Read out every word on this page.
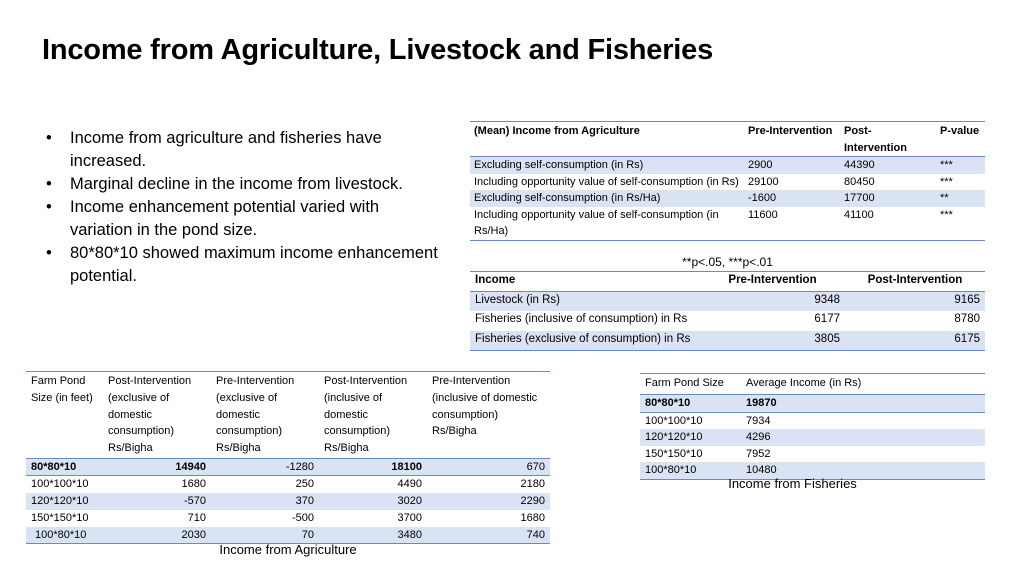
Income from Agriculture, Livestock and Fisheries
• Income from agriculture and fisheries have increased.
• Marginal decline in the income from livestock.
• Income enhancement potential varied with variation in the pond size.
• 80*80*10 showed maximum income enhancement potential.
(Mean) Income from Agriculture	Pre-Intervention	Post-Intervention	P-value
Excluding self-consumption (in Rs)	2900	44390	***
Including opportunity value of self-consumption (in Rs)	29100	80450	***
Excluding self-consumption (in Rs/Ha)	-1600	17700	**
Including opportunity value of self-consumption (in Rs/Ha)	11600	41100	***
**p<.05, ***p<.01
Income	Pre-Intervention	Post-Intervention
Livestock (in Rs)	9348	9165
Fisheries (inclusive of consumption) in Rs	6177	8780
Fisheries (exclusive of consumption) in Rs	3805	6175
Farm Pond Size (in feet)	Post-Intervention (exclusive of domestic consumption) Rs/Bigha	Pre-Intervention (exclusive of domestic consumption) Rs/Bigha	Post-Intervention (inclusive of domestic consumption) Rs/Bigha	Pre-Intervention (inclusive of domestic consumption) Rs/Bigha
80*80*10	14940	-1280	18100	670
100*100*10	1680	250	4490	2180
120*120*10	-570	370	3020	2290
150*150*10	710	-500	3700	1680
100*80*10	2030	70	3480	740
Income from Agriculture
Farm Pond Size	Average Income (in Rs)
80*80*10	19870
100*100*10	7934
120*120*10	4296
150*150*10	7952
100*80*10	10480
Income from Fisheries
